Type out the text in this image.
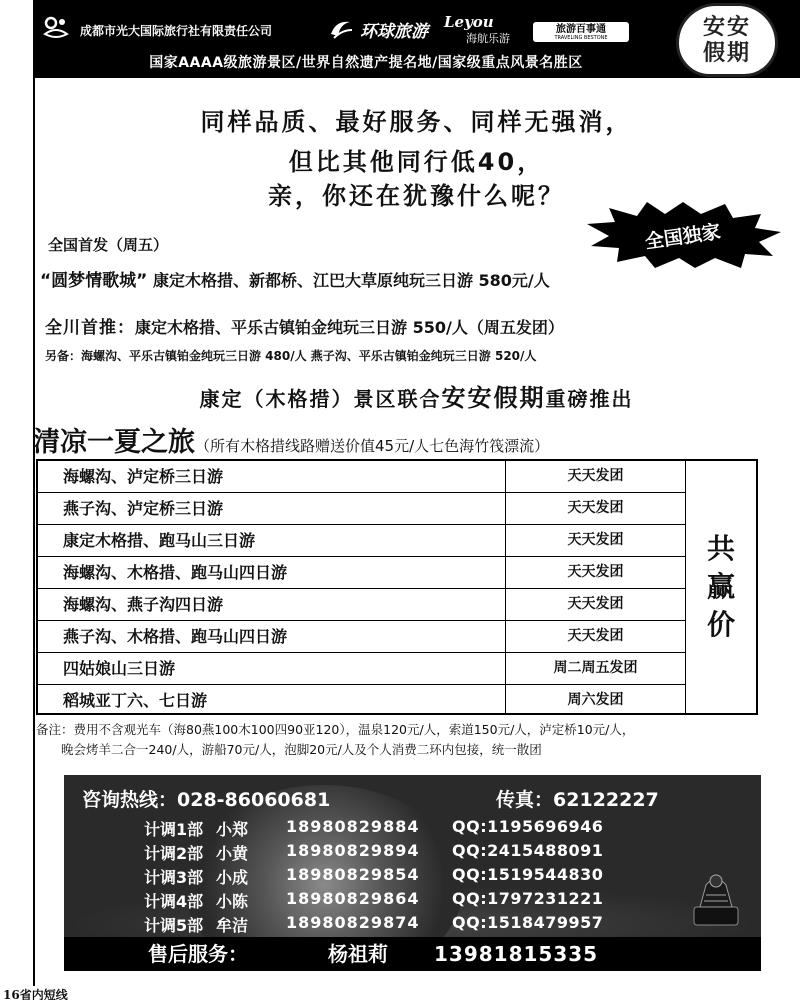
成都市光大国际旅行社有限责任公司	环球旅游 Leyou
海航乐游
旅游百事通
TRAVELING BESTONE
国家AAAA级旅游景区/世界自然遗产提名地/国家级重点风景名胜区
安安
假期
同样品质、最好服务、同样无强消，
但比其他同行低40，
亲，你还在犹豫什么呢？
全国独家
全国首发（周五）
“圆梦情歌城” 康定木格措、新都桥、江巴大草原纯玩三日游 580元/人
全川首推：康定木格措、平乐古镇铂金纯玩三日游 550/人（周五发团）
另备：海螺沟、平乐古镇铂金纯玩三日游 480/人 燕子沟、平乐古镇铂金纯玩三日游 520/人
康定（木格措）景区联合安安假期重磅推出
清凉一夏之旅（所有木格措线路赠送价值45元/人七色海竹筏漂流）
海螺沟、泸定桥三日游	天天发团
燕子沟、泸定桥三日游	天天发团
康定木格措、跑马山三日游	天天发团
海螺沟、木格措、跑马山四日游	天天发团
海螺沟、燕子沟四日游	天天发团
燕子沟、木格措、跑马山四日游	天天发团
四姑娘山三日游	周二周五发团
稻城亚丁六、七日游	周六发团
共
赢
价
备注：费用不含观光车（海80燕100木100四90亚120），温泉120元/人，索道150元/人，泸定桥10元/人，
晚会烤羊二合一240/人，游船70元/人，泡脚20元/人及个人消费二环内包接，统一散团
咨询热线：028-86060681	传真：62122227
计调1部 小郑	18980829884	QQ:1195696946
计调2部 小黄	18980829894	QQ:2415488091
计调3部 小成	18980829854	QQ:1519544830
计调4部 小陈	18980829864	QQ:1797231221
计调5部 牟洁	18980829874	QQ:1518479957
售后服务：	杨祖莉 13981815335
16省内短线
